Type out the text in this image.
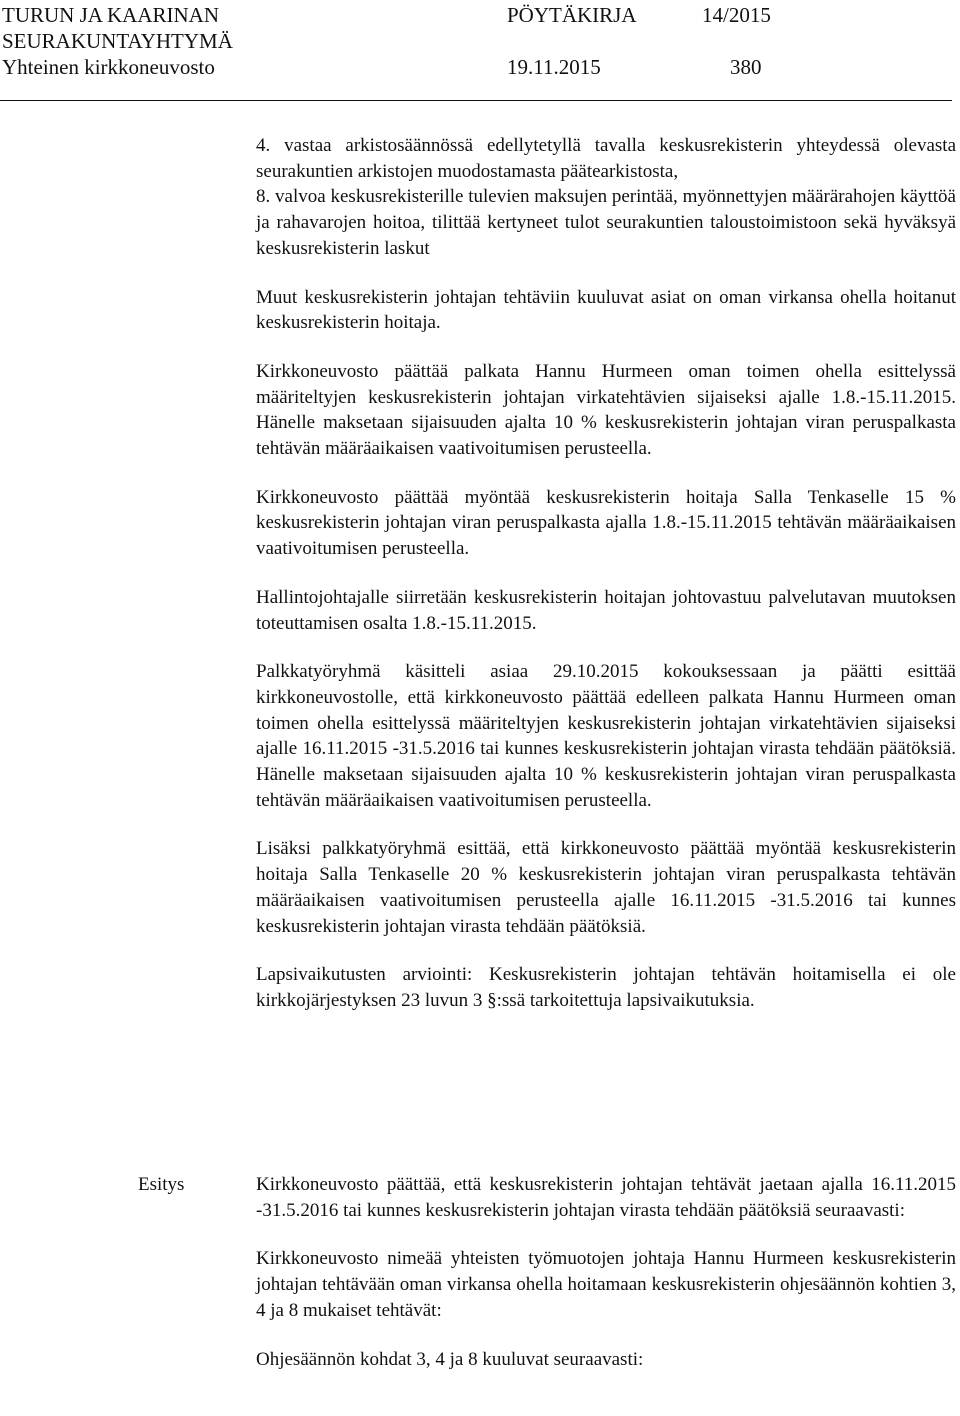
TURUN JA KAARINAN	PÖYTÄKIRJA	14/2015
SEURAKUNTAYHTYMÄ
Yhteinen kirkkoneuvosto	19.11.2015	380

4. vastaa arkistosäännössä edellytetyllä tavalla keskusrekisterin yhteydessä olevasta seurakuntien arkistojen muodostamasta päätearkistosta,

8. valvoa keskusrekisterille tulevien maksujen perintää, myönnettyjen määrärahojen käyttöä ja rahavarojen hoitoa, tilittää kertyneet tulot seurakuntien taloustoimistoon sekä hyväksyä keskusrekisterin laskut

Muut keskusrekisterin johtajan tehtäviin kuuluvat asiat on oman virkansa ohella hoitanut keskusrekisterin hoitaja.

Kirkkoneuvosto päättää palkata Hannu Hurmeen oman toimen ohella esittelyssä määriteltyjen keskusrekisterin johtajan virkatehtävien sijaiseksi ajalle 1.8.-15.11.2015. Hänelle maksetaan sijaisuuden ajalta 10 % keskusrekisterin johtajan viran peruspalkasta tehtävän määräaikaisen vaativoitumisen perusteella.

Kirkkoneuvosto päättää myöntää keskusrekisterin hoitaja Salla Tenkaselle 15 % keskusrekisterin johtajan viran peruspalkasta ajalla 1.8.-15.11.2015 tehtävän määräaikaisen vaativoitumisen perusteella.

Hallintojohtajalle siirretään keskusrekisterin hoitajan johtovastuu palvelutavan muutoksen toteuttamisen osalta 1.8.-15.11.2015.

Palkkatyöryhmä käsitteli asiaa 29.10.2015 kokouksessaan ja päätti esittää kirkkoneuvostolle, että kirkkoneuvosto päättää edelleen palkata Hannu Hurmeen oman toimen ohella esittelyssä määriteltyjen keskusrekisterin johtajan virkatehtävien sijaiseksi ajalle 16.11.2015 -31.5.2016 tai kunnes keskusrekisterin johtajan virasta tehdään päätöksiä. Hänelle maksetaan sijaisuuden ajalta 10 % keskusrekisterin johtajan viran peruspalkasta tehtävän määräaikaisen vaativoitumisen perusteella.

Lisäksi palkkatyöryhmä esittää, että kirkkoneuvosto päättää myöntää keskusrekisterin hoitaja Salla Tenkaselle 20 % keskusrekisterin johtajan viran peruspalkasta tehtävän määräaikaisen vaativoitumisen perusteella ajalle 16.11.2015 -31.5.2016 tai kunnes keskusrekisterin johtajan virasta tehdään päätöksiä.

Lapsivaikutusten arviointi: Keskusrekisterin johtajan tehtävän hoitamisella ei ole kirkkojärjestyksen 23 luvun 3 §:ssä tarkoitettuja lapsivaikutuksia.

Esitys	Kirkkoneuvosto päättää, että keskusrekisterin johtajan tehtävät jaetaan ajalla 16.11.2015 -31.5.2016 tai kunnes keskusrekisterin johtajan virasta tehdään päätöksiä seuraavasti:

Kirkkoneuvosto nimeää yhteisten työmuotojen johtaja Hannu Hurmeen keskusrekisterin johtajan tehtävään oman virkansa ohella hoitamaan keskusrekisterin ohjesäännön kohtien 3, 4 ja 8 mukaiset tehtävät:

Ohjesäännön kohdat 3, 4 ja 8 kuuluvat seuraavasti:
